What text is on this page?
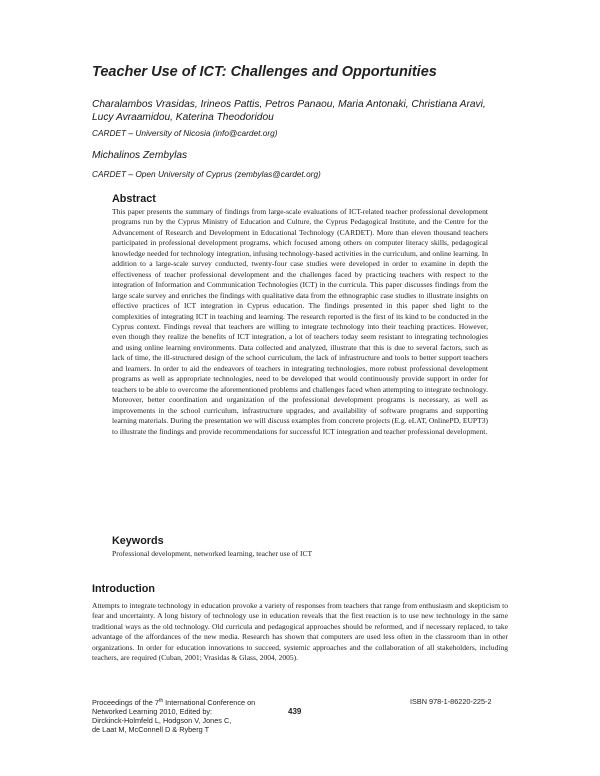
Teacher Use of ICT: Challenges and Opportunities
Charalambos Vrasidas, Irineos Pattis, Petros Panaou, Maria Antonaki, Christiana Aravi, Lucy Avraamidou, Katerina Theodoridou
CARDET – University of Nicosia (info@cardet.org)
Michalinos Zembylas
CARDET – Open University of Cyprus (zembylas@cardet.org)
Abstract
This paper presents the summary of findings from large-scale evaluations of ICT-related teacher professional development programs run by the Cyprus Ministry of Education and Culture, the Cyprus Pedagogical Institute, and the Centre for the Advancement of Research and Development in Educational Technology (CARDET). More than eleven thousand teachers participated in professional development programs, which focused among others on computer literacy skills, pedagogical knowledge needed for technology integration, infusing technology-based activities in the curriculum, and online learning. In addition to a large-scale survey conducted, twenty-four case studies were developed in order to examine in depth the effectiveness of teacher professional development and the challenges faced by practicing teachers with respect to the integration of Information and Communication Technologies (ICT) in the curricula. This paper discusses findings from the large scale survey and enriches the findings with qualitative data from the ethnographic case studies to illustrate insights on effective practices of ICT integration in Cyprus education. The findings presented in this paper shed light to the complexities of integrating ICT in teaching and learning. The research reported is the first of its kind to be conducted in the Cyprus context. Findings reveal that teachers are willing to integrate technology into their teaching practices. However, even though they realize the benefits of ICT integration, a lot of teachers today seem resistant to integrating technologies and using online learning environments. Data collected and analyzed, illustrate that this is due to several factors, such as lack of time, the ill-structured design of the school curriculum, the lack of infrastructure and tools to better support teachers and learners. In order to aid the endeavors of teachers in integrating technologies, more robust professional development programs as well as appropriate technologies, need to be developed that would continuously provide support in order for teachers to be able to overcome the aforementioned problems and challenges faced when attempting to integrate technology. Moreover, better coordination and organization of the professional development programs is necessary, as well as improvements in the school curriculum, infrastructure upgrades, and availability of software programs and supporting learning materials. During the presentation we will discuss examples from concrete projects (E.g. eLAT, OnlinePD, EUPT3) to illustrate the findings and provide recommendations for successful ICT integration and teacher professional development.
Keywords
Professional development, networked learning, teacher use of ICT
Introduction
Attempts to integrate technology in education provoke a variety of responses from teachers that range from enthusiasm and skepticism to fear and uncertainty. A long history of technology use in education reveals that the first reaction is to use new technology in the same traditional ways as the old technology. Old curricula and pedagogical approaches should be reformed, and if necessary replaced, to take advantage of the affordances of the new media. Research has shown that computers are used less often in the classroom than in other organizations. In order for education innovations to succeed, systemic approaches and the collaboration of all stakeholders, including teachers, are required (Cuban, 2001; Vrasidas & Glass, 2004, 2005).
Proceedings of the 7th International Conference on
Networked Learning 2010, Edited by:
Dirckinck-Holmfeld L, Hodgson V, Jones C,
de Laat M, McConnell D & Ryberg T
439
ISBN 978-1-86220-225-2
